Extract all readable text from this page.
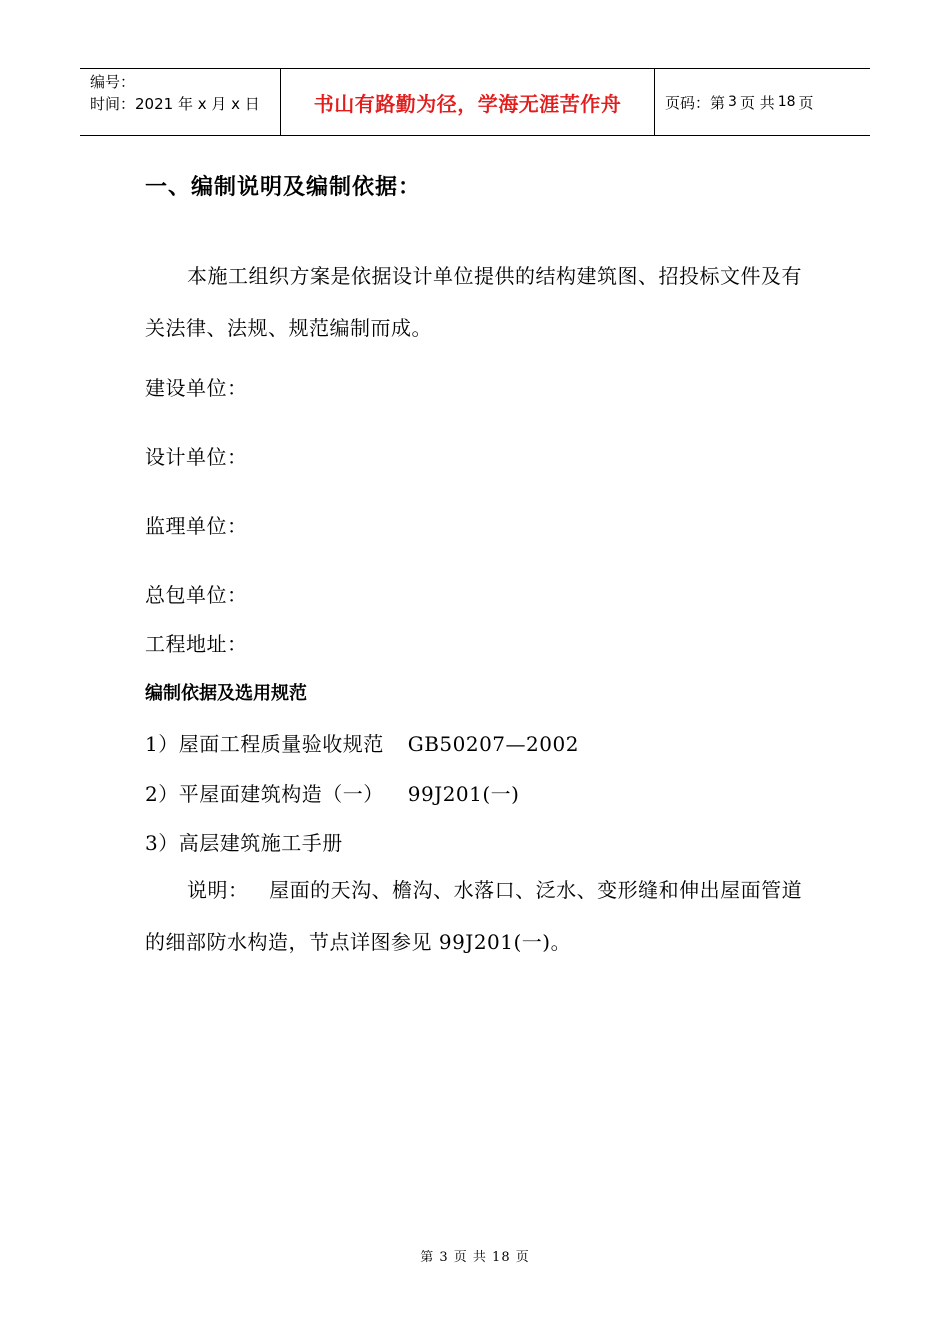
编号：
时间：2021 年 x 月 x 日	书山有路勤为径，学海无涯苦作舟	页码：第 3 页 共 18 页
一、编制说明及编制依据：
本施工组织方案是依据设计单位提供的结构建筑图、招投标文件及有关法律、法规、规范编制而成。
建设单位：
设计单位：
监理单位：
总包单位：
工程地址：
编制依据及选用规范
1）屋面工程质量验收规范 GB50207—2002
2）平屋面建筑构造（一） 99J201(一)
3）高层建筑施工手册
说明：   屋面的天沟、檐沟、水落口、泛水、变形缝和伸出屋面管道的细部防水构造，节点详图参见 99J201(一)。
第 3 页 共 18 页
